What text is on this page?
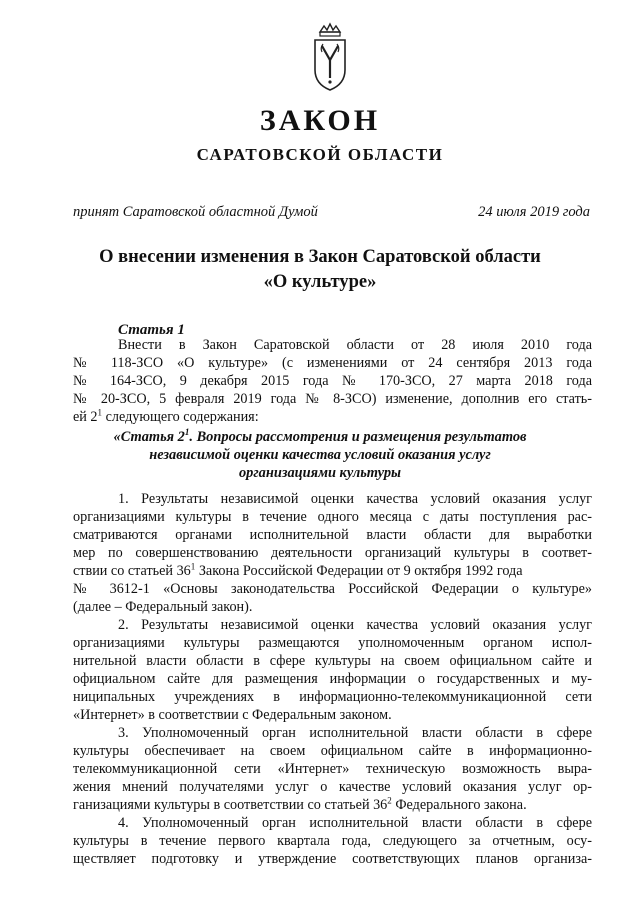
ЗАКОН
САРАТОВСКОЙ ОБЛАСТИ
принят Саратовской областной Думой	24 июля 2019 года
О внесении изменения в Закон Саратовской области
«О культуре»
Статья 1
Внести в Закон Саратовской области от 28 июля 2010 года
№ 118-ЗСО «О культуре» (с изменениями от 24 сентября 2013 года
№ 164-ЗСО, 9 декабря 2015 года № 170-ЗСО, 27 марта 2018 года
№ 20-ЗСО, 5 февраля 2019 года № 8-ЗСО) изменение, дополнив его стать-
ей $2^1$ следующего содержания:
«Статья $2^1$. Вопросы рассмотрения и размещения результатов
независимой оценки качества условий оказания услуг
организациями культуры
1. Результаты независимой оценки качества условий оказания услуг
организациями культуры в течение одного месяца с даты поступления рас-
сматриваются органами исполнительной власти области для выработки
мер по совершенствованию деятельности организаций культуры в соответ-
ствии со статьей $36^1$ Закона Российской Федерации от 9 октября 1992 года
№ 3612-1 «Основы законодательства Российской Федерации о культуре»
(далее – Федеральный закон).
2. Результаты независимой оценки качества условий оказания услуг
организациями культуры размещаются уполномоченным органом испол-
нительной власти области в сфере культуры на своем официальном сайте и
официальном сайте для размещения информации о государственных и му-
ниципальных учреждениях в информационно-телекоммуникационной сети
«Интернет» в соответствии с Федеральным законом.
3. Уполномоченный орган исполнительной власти области в сфере
культуры обеспечивает на своем официальном сайте в информационно-
телекоммуникационной сети «Интернет» техническую возможность выра-
жения мнений получателями услуг о качестве условий оказания услуг ор-
ганизациями культуры в соответствии со статьей $36^2$ Федерального закона.
4. Уполномоченный орган исполнительной власти области в сфере
культуры в течение первого квартала года, следующего за отчетным, осу-
ществляет подготовку и утверждение соответствующих планов организа-
